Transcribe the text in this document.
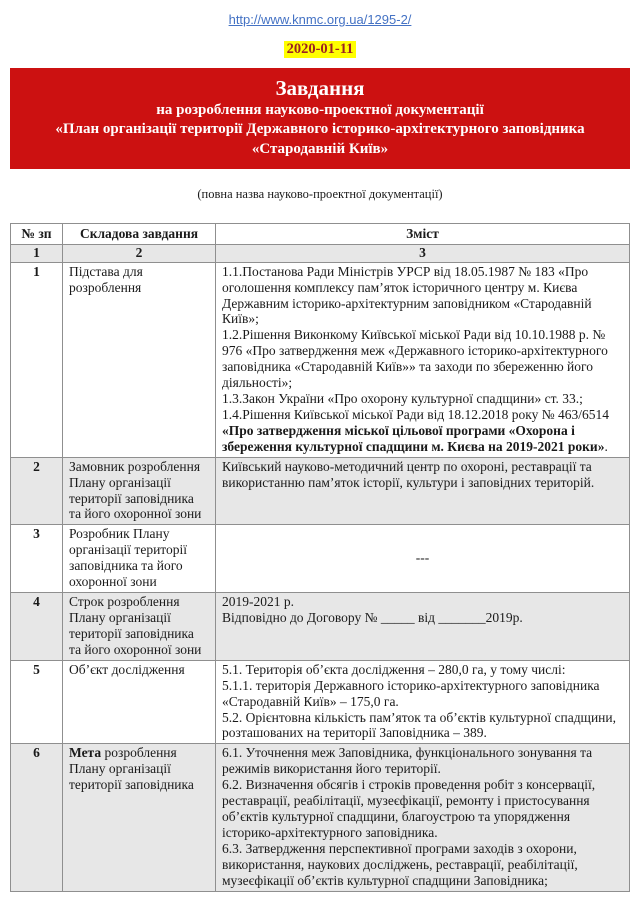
http://www.knmc.org.ua/1295-2/
2020-01-11
Завдання
на розроблення науково-проектної документації
«План організації території Державного історико-архітектурного заповідника «Стародавній Київ»
(повна назва науково-проектної документації)
№ зп	Складова завдання	Зміст
1	2	3
1	Підстава для розроблення	1.1.Постанова Ради Міністрів УРСР від 18.05.1987 № 183 «Про оголошення комплексу пам’яток історичного центру м. Києва Державним історико-архітектурним заповідником «Стародавній Київ»;

1.2.Рішення Виконкому Київської міської Ради від 10.10.1988 р. № 976 «Про затвердження меж «Державного історико-архітектурного заповідника «Стародавній Київ»» та заходи по збереженню його діяльності»;

1.3.Закон України «Про охорону культурної спадщини» ст. 33.;

1.4.Рішення Київської міської Ради від 18.12.2018 року № 463/6514 «Про затвердження міської цільової програми «Охорона і збереження культурної спадщини м. Києва на 2019-2021 роки».

2	Замовник розроблення Плану організації території заповідника та його охоронної зони	Київський науково-методичний центр по охороні, реставрації та використанню пам’яток історії, культури і заповідних територій.

3	Розробник Плану організації території заповідника та його охоронної зони	---

4	Строк розроблення Плану організації території заповідника та його охоронної зони	2019-2021 р.

Відповідно до Договору № _____ від _______2019р.

5	Об’єкт дослідження	5.1. Територія об’єкта дослідження – 280,0 га, у тому числі:

5.1.1. територія Державного історико-архітектурного заповідника «Стародавній Київ» – 175,0 га.

5.2. Орієнтовна кількість пам’яток та об’єктів культурної спадщини, розташованих на території Заповідника – 389.

6	Мета розроблення Плану організації території заповідника	6.1. Уточнення меж Заповідника, функціонального зонування та режимів використання його території.

6.2. Визначення обсягів і строків проведення робіт з консервації, реставрації, реабілітації, музеєфікації, ремонту і пристосування об’єктів культурної спадщини, благоустрою та упорядження історико-архітектурного заповідника.

6.3. Затвердження перспективної програми заходів з охорони, використання, наукових досліджень, реставрації, реабілітації, музеєфікації об’єктів культурної спадщини Заповідника;
